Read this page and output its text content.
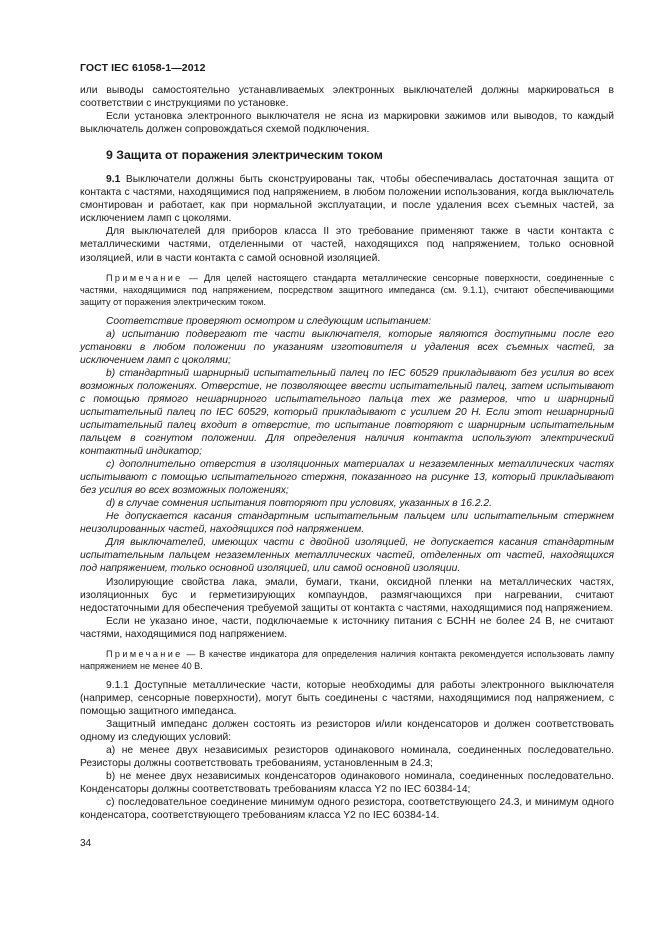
ГОСТ IEC 61058-1—2012

или выводы самостоятельно устанавливаемых электронных выключателей должны маркироваться в соответствии с инструкциями по установке.

Если установка электронного выключателя не ясна из маркировки зажимов или выводов, то каждый выключатель должен сопровождаться схемой подключения.

9 Защита от поражения электрическим током

9.1 Выключатели должны быть сконструированы так, чтобы обеспечивалась достаточная защита от контакта с частями, находящимися под напряжением, в любом положении использования, когда выключатель смонтирован и работает, как при нормальной эксплуатации, и после удаления всех съемных частей, за исключением ламп с цоколями.

Для выключателей для приборов класса II это требование применяют также в части контакта с металлическими частями, отделенными от частей, находящихся под напряжением, только основной изоляцией, или в части контакта с самой основной изоляцией.

Примечание — Для целей настоящего стандарта металлические сенсорные поверхности, соединенные с частями, находящимися под напряжением, посредством защитного импеданса (см. 9.1.1), считают обеспечивающими защиту от поражения электрическим током.

Соответствие проверяют осмотром и следующим испытанием:

a) испытанию подвергают те части выключателя, которые являются доступными после его установки в любом положении по указаниям изготовителя и удаления всех съемных частей, за исключением ламп с цоколями;

b) стандартный шарнирный испытательный палец по IEC 60529 прикладывают без усилия во всех возможных положениях. Отверстие, не позволяющее ввести испытательный палец, затем испытывают с помощью прямого нешарнирного испытательного пальца тех же размеров, что и шарнирный испытательный палец по IEC 60529, который прикладывают с усилием 20 Н. Если этот нешарнирный испытательный палец входит в отверстие, то испытание повторяют с шарнирным испытательным пальцем в согнутом положении. Для определения наличия контакта используют электрический контактный индикатор;

c) дополнительно отверстия в изоляционных материалах и незаземленных металлических частях испытывают с помощью испытательного стержня, показанного на рисунке 13, который прикладывают без усилия во всех возможных положениях;

d) в случае сомнения испытания повторяют при условиях, указанных в 16.2.2.

Не допускается касания стандартным испытательным пальцем или испытательным стержнем неизолированных частей, находящихся под напряжением.

Для выключателей, имеющих части с двойной изоляцией, не допускается касания стандартным испытательным пальцем незаземленных металлических частей, отделенных от частей, находящихся под напряжением, только основной изоляцией, или самой основной изоляции.

Изолирующие свойства лака, эмали, бумаги, ткани, оксидной пленки на металлических частях, изоляционных бус и герметизирующих компаундов, размягчающихся при нагревании, считают недостаточными для обеспечения требуемой защиты от контакта с частями, находящимися под напряжением.

Если не указано иное, части, подключаемые к источнику питания с БСНН не более 24 В, не считают частями, находящимися под напряжением.

Примечание — В качестве индикатора для определения наличия контакта рекомендуется использовать лампу напряжением не менее 40 В.

9.1.1 Доступные металлические части, которые необходимы для работы электронного выключателя (например, сенсорные поверхности), могут быть соединены с частями, находящимися под напряжением, с помощью защитного импеданса.

Защитный импеданс должен состоять из резисторов и/или конденсаторов и должен соответствовать одному из следующих условий:

a) не менее двух независимых резисторов одинакового номинала, соединенных последовательно. Резисторы должны соответствовать требованиям, установленным в 24.3;

b) не менее двух независимых конденсаторов одинакового номинала, соединенных последовательно. Конденсаторы должны соответствовать требованиям класса Y2 по IEC 60384-14;

c) последовательное соединение минимум одного резистора, соответствующего 24.3, и минимум одного конденсатора, соответствующего требованиям класса Y2 по IEC 60384-14.

34
